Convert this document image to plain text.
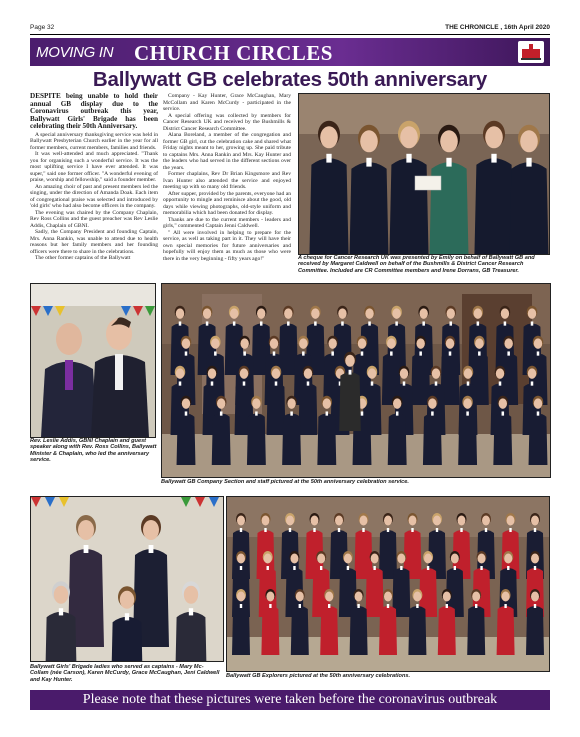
Page 32	THE CHRONICLE , 16th April 2020
MOVING IN CHURCH CIRCLES
Ballywatt GB celebrates 50th anniversary

DESPITE being unable to hold their annual GB display due to the Coronavirus outbreak this year, Ballywatt Girls' Brigade has been celebrating their 50th Anniversary.

A special anniversary thanksgiving service was held in Ballywatt Presbyterian Church earlier in the year for all former members, current members, families and friends.

It was well-attended and much appreciated. "Thank you for organising such a wonderful service. It was the most uplifting service I have ever attended. It was super," said one former officer. "A wonderful evening of praise, worship and fellowship," said a founder member.

An amazing choir of past and present members led the singing, under the direction of Amanda Doak. Each item of congregational praise was selected and introduced by 'old girls' who had also become officers in the company.

The evening was chaired by the Company Chaplain, Rev Ross Collins and the guest preacher was Rev Leslie Addis, Chaplain of GBNI.

Sadly, the Company President and founding Captain, Mrs. Anna Rankin, was unable to attend due to health reasons but her family members and her founding officers were there to share in the celebrations.

The other former captains of the Ballywatt

Company - Kay Hunter, Grace McCaughan, Mary McCollam and Karen McCurdy - participated in the service.

A special offering was collected by members for Cancer Research UK and received by the Bushmills & District Cancer Research Committee.

Alana Boreland, a member of the congregation and former GB girl, cut the celebration cake and shared what Friday nights meant to her, growing up. She paid tribute to captains Mrs. Anna Rankin and Mrs. Kay Hunter and the leaders who had served in the different sections over the years.

Former chaplains, Rev Dr Brian Kingsmore and Rev Ivan Hunter also attended the service and enjoyed meeting up with so many old friends.

After supper, provided by the parents, everyone had an opportunity to mingle and reminisce about the good, old days while viewing photographs, old-style uniform and memorabilia which had been donated for display.

Thanks are due to the current members - leaders and girls," commented Captain Jenni Caldwell.

" All were involved in helping to prepare for the service, as well as taking part in it. They will have their own special memories for future anniversaries and hopefully will enjoy them as much as those who were there in the very beginning - fifty years ago!"	A cheque for Cancer Research UK was presented by Emily on behalf of Ballywatt GB and received by Margaret Caldwell on behalf of the Bushmills & District Cancer Research Committee. Included are CR Committee members and Irene Dorrans, GB Treasurer.
Rev. Leslie Addis, GBNI Chaplain and guest speaker along with Rev. Ross Collins, Ballywatt Minister & Chaplain, who led the anniversary service.
Ballywatt GB Company Section and staff pictured at the 50th anniversary celebration service.
Ballywatt Girls' Brigade ladies who served as captains - Mary Mc-Collam (née Carson), Karen McCurdy, Grace McCaughan, Jeni Caldwell and Kay Hunter.
Ballywatt GB Explorers pictured at the 50th anniversary celebrations.
Please note that these pictures were taken before the coronavirus outbreak
